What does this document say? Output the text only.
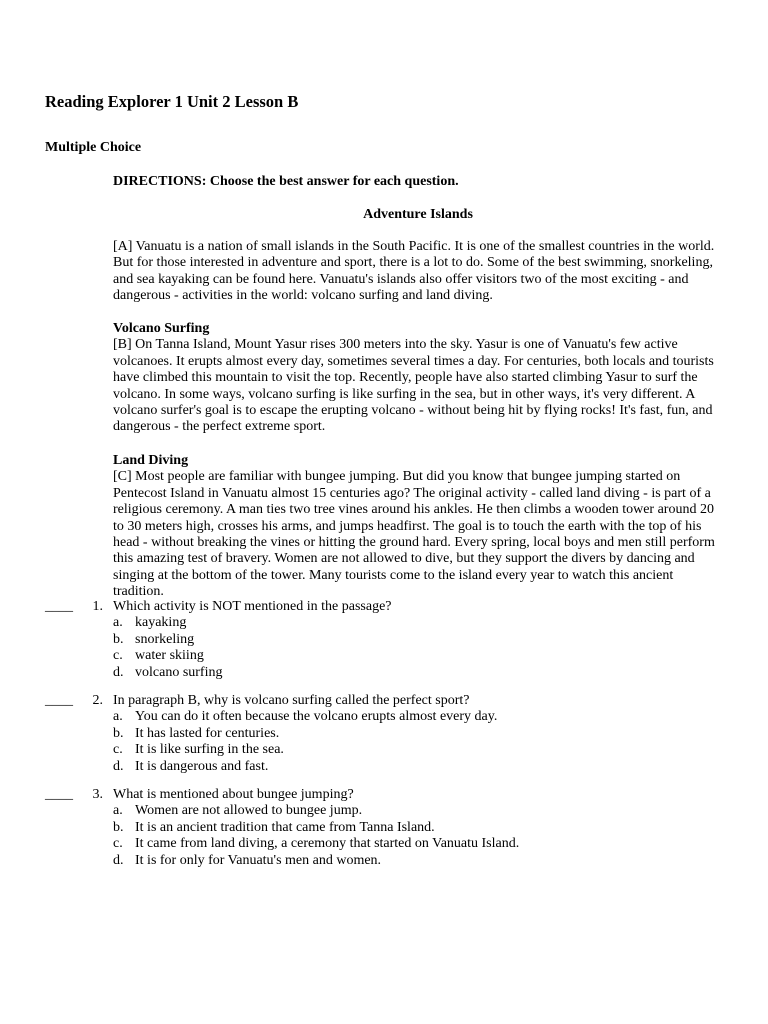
Reading Explorer 1 Unit 2 Lesson B
Multiple Choice
DIRECTIONS: Choose the best answer for each question.
Adventure Islands

[A] Vanuatu is a nation of small islands in the South Pacific. It is one of the smallest countries in the world. But for those interested in adventure and sport, there is a lot to do. Some of the best swimming, snorkeling, and sea kayaking can be found here. Vanuatu's islands also offer visitors two of the most exciting - and dangerous - activities in the world: volcano surfing and land diving.

Volcano Surfing
[B] On Tanna Island, Mount Yasur rises 300 meters into the sky. Yasur is one of Vanuatu's few active volcanoes. It erupts almost every day, sometimes several times a day. For centuries, both locals and tourists have climbed this mountain to visit the top. Recently, people have also started climbing Yasur to surf the volcano. In some ways, volcano surfing is like surfing in the sea, but in other ways, it's very different. A volcano surfer's goal is to escape the erupting volcano - without being hit by flying rocks! It's fast, fun, and dangerous - the perfect extreme sport.

Land Diving
[C] Most people are familiar with bungee jumping. But did you know that bungee jumping started on Pentecost Island in Vanuatu almost 15 centuries ago? The original activity - called land diving - is part of a religious ceremony. A man ties two tree vines around his ankles. He then climbs a wooden tower around 20 to 30 meters high, crosses his arms, and jumps headfirst. The goal is to touch the earth with the top of his head - without breaking the vines or hitting the ground hard. Every spring, local boys and men still perform this amazing test of bravery. Women are not allowed to dive, but they support the divers by dancing and singing at the bottom of the tower. Many tourists come to the island every year to watch this ancient tradition.

____ 1. Which activity is NOT mentioned in the passage?
a. kayaking
b. snorkeling
c. water skiing
d. volcano surfing
____ 2. In paragraph B, why is volcano surfing called the perfect sport?
a. You can do it often because the volcano erupts almost every day.
b. It has lasted for centuries.
c. It is like surfing in the sea.
d. It is dangerous and fast.
____ 3. What is mentioned about bungee jumping?
a. Women are not allowed to bungee jump.
b. It is an ancient tradition that came from Tanna Island.
c. It came from land diving, a ceremony that started on Vanuatu Island.
d. It is for only for Vanuatu's men and women.
